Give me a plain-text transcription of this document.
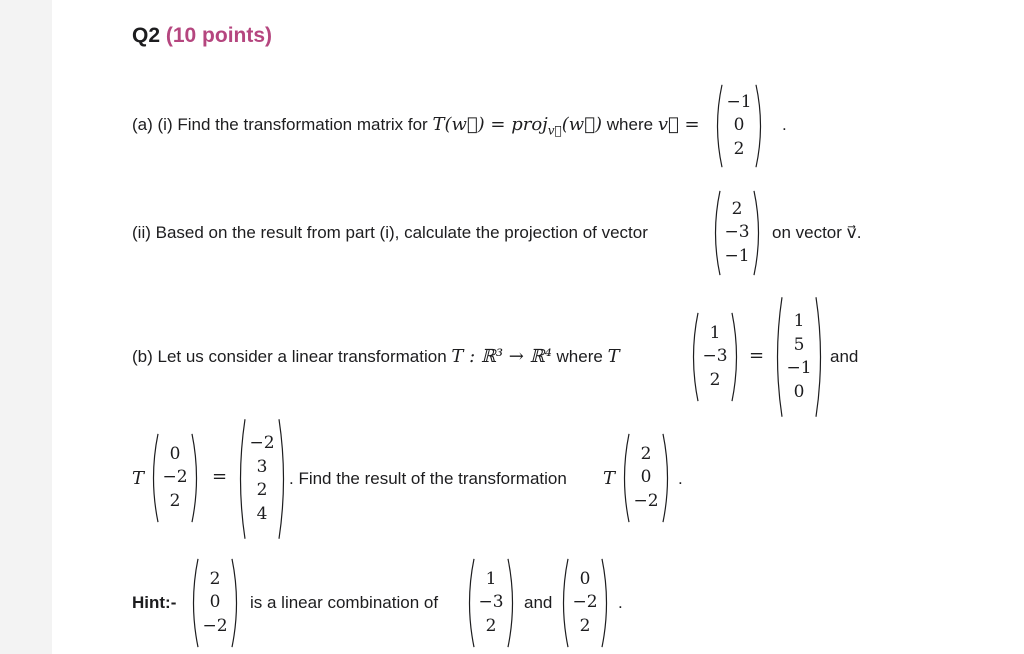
Q2 (10 points)
(a) (i) Find the transformation matrix for T(w⃗) = proj$_{v⃗}$(w⃗) where v⃗ =
−1
0
2
.
(ii) Based on the result from part (i), calculate the projection of vector
2
−3
−1
on vector v⃗.
(b) Let us consider a linear transformation T : ℝ³ → ℝ⁴ where T
1
−3
2
=
1
5
−1
0
and
T
0
−2
2
=
−2
3
2
4
. Find the result of the transformation T
2
0
−2
.
Hint:-
2
0
−2
is a linear combination of
1
−3
2
and
0
−2
2
.
